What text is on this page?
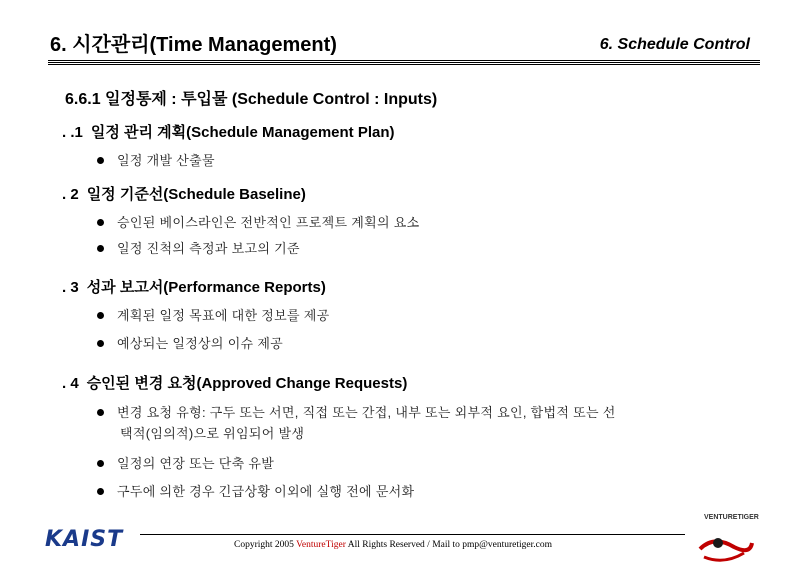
6. 시간관리(Time Management)	6. Schedule Control
6.6.1 일정통제 : 투입물 (Schedule Control : Inputs)
. .1 일정 관리 계획(Schedule Management Plan)
일정 개발 산출물
. 2 일정 기준선(Schedule Baseline)
승인된 베이스라인은 전반적인 프로젝트 계획의 요소
일정 진척의 측정과 보고의 기준
. 3 성과 보고서(Performance Reports)
계획된 일정 목표에 대한 정보를 제공
예상되는 일정상의 이슈 제공
. 4 승인된 변경 요청(Approved Change Requests)
변경 요청 유형: 구두 또는 서면, 직접 또는 간접, 내부 또는 외부적 요인, 합법적 또는 선
택적(임의적)으로 위임되어 발생
일정의 연장 또는 단축 유발
구두에 의한 경우 긴급상황 이외에 실행 전에 문서화
KAIST	Copyright 2005 VentureTiger All Rights Reserved / Mail to pmp@venturetiger.com
VENTURETIGER
